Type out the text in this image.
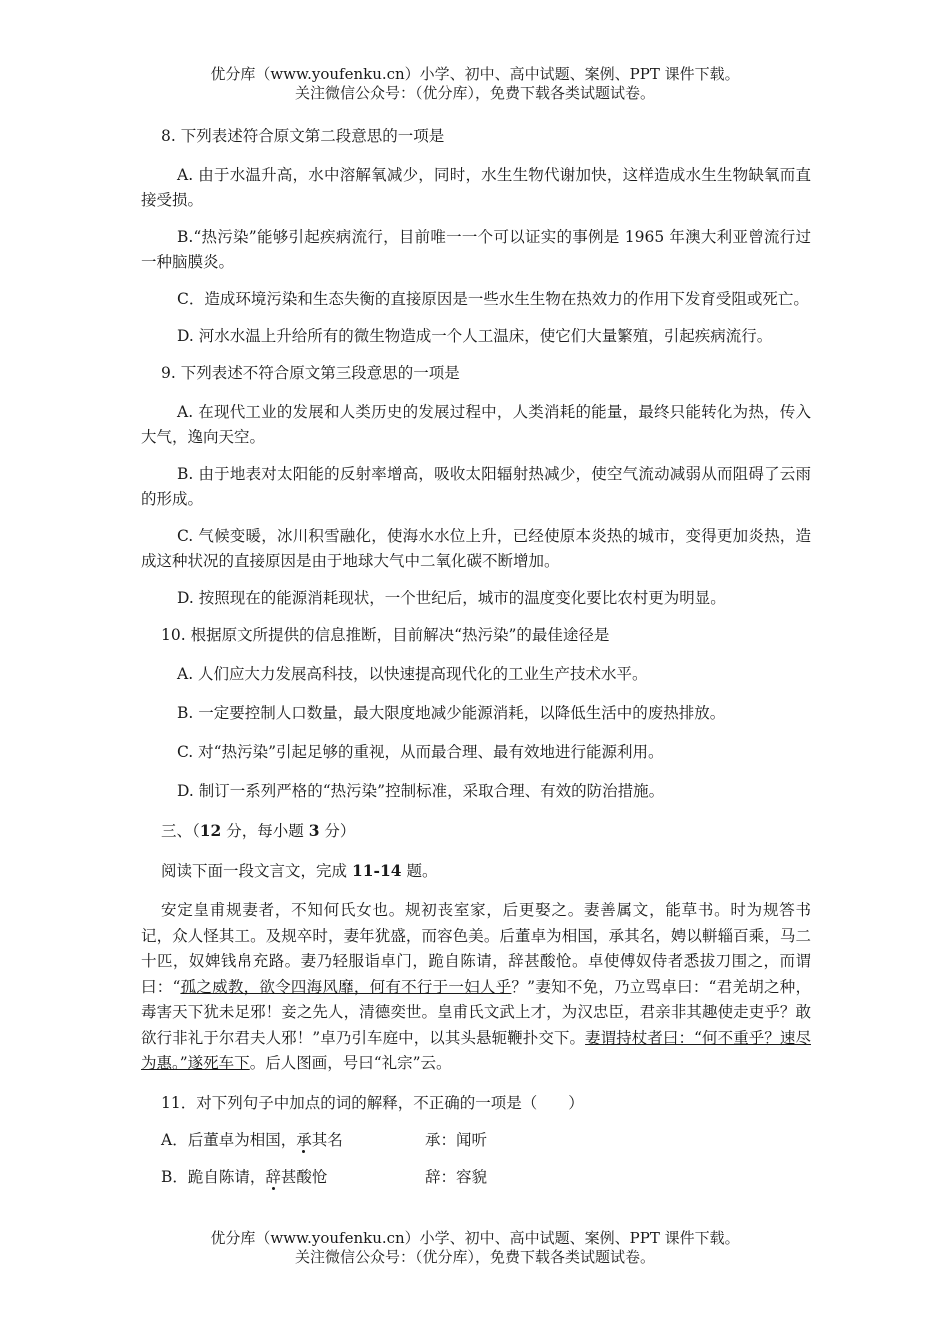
优分库（www.youfenku.cn）小学、初中、高中试题、案例、PPT 课件下载。
关注微信公众号：（优分库），免费下载各类试题试卷。
8. 下列表述符合原文第二段意思的一项是
A. 由于水温升高，水中溶解氧减少，同时，水生生物代谢加快，这样造成水生生物缺氧而直接受损。
B.“热污染”能够引起疾病流行，目前唯一一个可以证实的事例是 1965 年澳大利亚曾流行过一种脑膜炎。
C．造成环境污染和生态失衡的直接原因是一些水生生物在热效力的作用下发育受阻或死亡。
D. 河水水温上升给所有的微生物造成一个人工温床，使它们大量繁殖，引起疾病流行。
9. 下列表述不符合原文第三段意思的一项是
A. 在现代工业的发展和人类历史的发展过程中，人类消耗的能量，最终只能转化为热，传入大气，逸向天空。
B. 由于地表对太阳能的反射率增高，吸收太阳辐射热减少，使空气流动减弱从而阻碍了云雨的形成。
C. 气候变暖，冰川积雪融化，使海水水位上升，已经使原本炎热的城市，变得更加炎热，造成这种状况的直接原因是由于地球大气中二氧化碳不断增加。
D. 按照现在的能源消耗现状，一个世纪后，城市的温度变化要比农村更为明显。
10. 根据原文所提供的信息推断，目前解决“热污染”的最佳途径是
A. 人们应大力发展高科技，以快速提高现代化的工业生产技术水平。
B. 一定要控制人口数量，最大限度地减少能源消耗，以降低生活中的废热排放。
C. 对“热污染”引起足够的重视，从而最合理、最有效地进行能源利用。
D. 制订一系列严格的“热污染”控制标准，采取合理、有效的防治措施。
三、（12 分，每小题 3 分）
阅读下面一段文言文，完成 11-14 题。
安定皇甫规妻者，不知何氏女也。规初丧室家，后更娶之。妻善属文，能草书。时为规答书记，众人怪其工。及规卒时，妻年犹盛，而容色美。后董卓为相国，承其名，娉以軿辎百乘，马二十匹，奴婢钱帛充路。妻乃轻服诣卓门，跪自陈请，辞甚酸怆。卓使傅奴侍者悉拔刀围之，而谓曰：“孤之威教，欲令四海风靡，何有不行于一妇人乎？”妻知不免，乃立骂卓曰：“君羌胡之种，毒害天下犹未足邪！妾之先人，清德奕世。皇甫氏文武上才，为汉忠臣，君亲非其趣使走吏乎？敢欲行非礼于尔君夫人邪！”卓乃引车庭中，以其头悬轭鞭扑交下。妻谓持杖者曰：“何不重乎？速尽为惠。”遂死车下。后人图画，号曰“礼宗”云。
11．对下列句子中加点的词的解释，不正确的一项是（　　）
A．后董卓为相国，承其名	承：闻听
B．跪自陈请，辞甚酸怆	辞：容貌
优分库（www.youfenku.cn）小学、初中、高中试题、案例、PPT 课件下载。
关注微信公众号：（优分库），免费下载各类试题试卷。
